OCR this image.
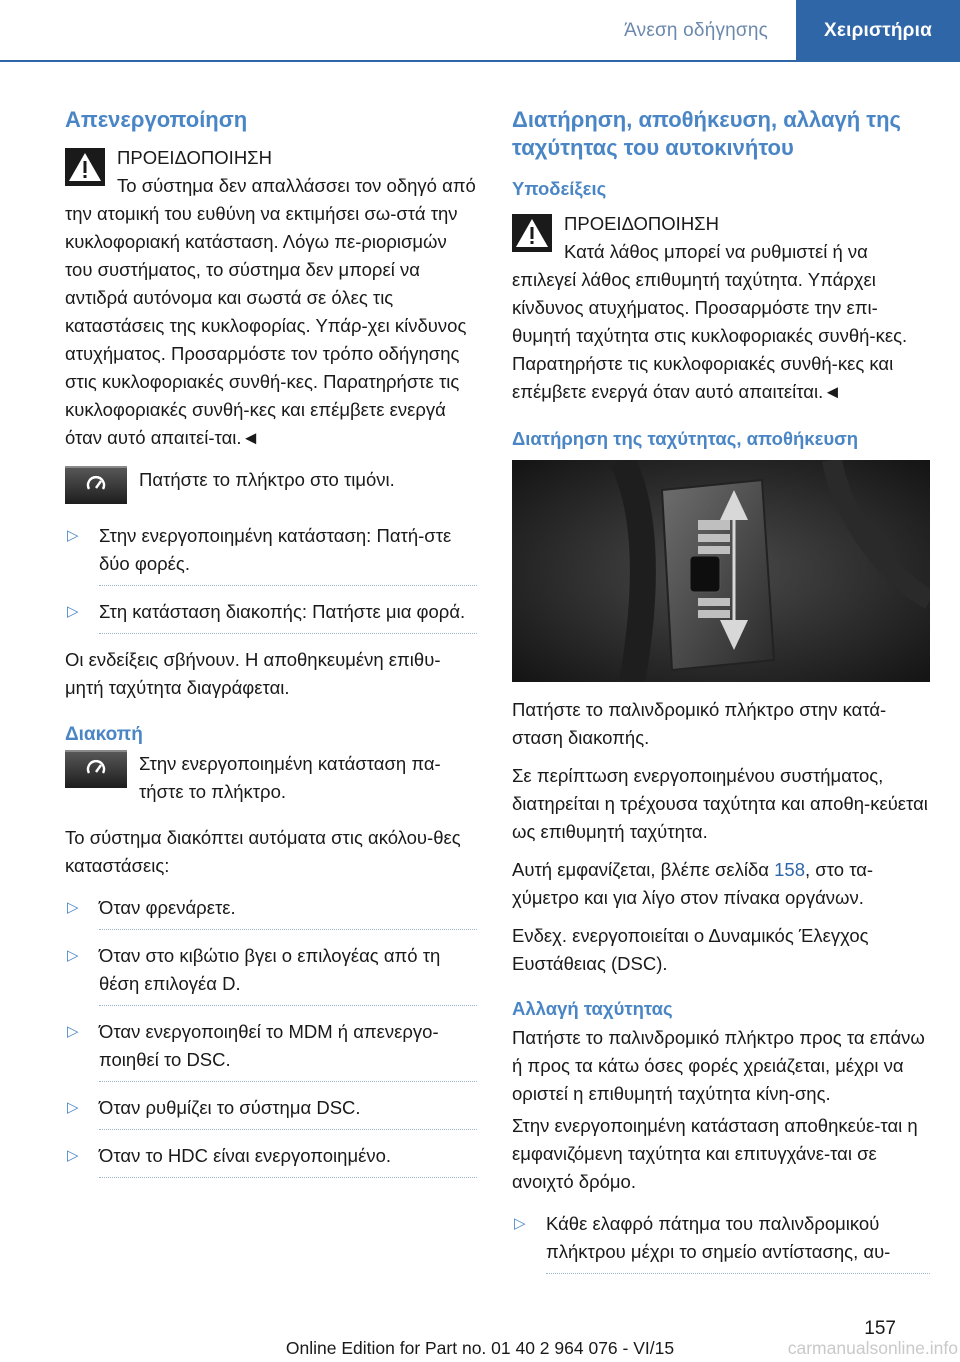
Άνεση οδήγησης	Χειριστήρια
Απενεργοποίηση
ΠΡΟΕΙΔΟΠΟΙΗΣΗ
Το σύστημα δεν απαλλάσσει τον οδηγό από την ατομική του ευθύνη να εκτιμήσει σω-στά την κυκλοφοριακή κατάσταση. Λόγω πε-ριορισμών του συστήματος, το σύστημα δεν μπορεί να αντιδρά αυτόνομα και σωστά σε όλες τις καταστάσεις της κυκλοφορίας. Υπάρ-χει κίνδυνος ατυχήματος. Προσαρμόστε τον τρόπο οδήγησης στις κυκλοφοριακές συνθή-κες. Παρατηρήστε τις κυκλοφοριακές συνθή-κες και επέμβετε ενεργά όταν αυτό απαιτεί-ται.◄
Πατήστε το πλήκτρο στο τιμόνι.
▷ Στην ενεργοποιημένη κατάσταση: Πατή-στε δύο φορές.
▷ Στη κατάσταση διακοπής: Πατήστε μια φορά.

Οι ενδείξεις σβήνουν. Η αποθηκευμένη επιθυ-μητή ταχύτητα διαγράφεται.

Διακοπή
Στην ενεργοποιημένη κατάσταση πα-τήστε το πλήκτρο.

Το σύστημα διακόπτει αυτόματα στις ακόλου-θες καταστάσεις:

▷ Όταν φρενάρετε.
▷ Όταν στο κιβώτιο βγει ο επιλογέας από τη θέση επιλογέα D.
▷ Όταν ενεργοποιηθεί το MDM ή απενεργο-ποιηθεί το DSC.
▷ Όταν ρυθμίζει το σύστημα DSC.
▷ Όταν το HDC είναι ενεργοποιημένο.
Διατήρηση, αποθήκευση, αλλαγή της ταχύτητας του αυτοκινήτου
Υποδείξεις
ΠΡΟΕΙΔΟΠΟΙΗΣΗ
Κατά λάθος μπορεί να ρυθμιστεί ή να επιλεγεί λάθος επιθυμητή ταχύτητα. Υπάρχει κίνδυνος ατυχήματος. Προσαρμόστε την επι-θυμητή ταχύτητα στις κυκλοφοριακές συνθή-κες. Παρατηρήστε τις κυκλοφοριακές συνθή-κες και επέμβετε ενεργά όταν αυτό απαιτείται.◄
Διατήρηση της ταχύτητας, αποθήκευση

Πατήστε το παλινδρομικό πλήκτρο στην κατά-σταση διακοπής.

Σε περίπτωση ενεργοποιημένου συστήματος, διατηρείται η τρέχουσα ταχύτητα και αποθη-κεύεται ως επιθυμητή ταχύτητα.

Αυτή εμφανίζεται, βλέπε σελίδα 158, στο τα-χύμετρο και για λίγο στον πίνακα οργάνων.

Ενδεχ. ενεργοποιείται ο Δυναμικός Έλεγχος Ευστάθειας (DSC).

Αλλαγή ταχύτητας

Πατήστε το παλινδρομικό πλήκτρο προς τα επάνω ή προς τα κάτω όσες φορές χρειάζεται, μέχρι να οριστεί η επιθυμητή ταχύτητα κίνη-σης.

Στην ενεργοποιημένη κατάσταση αποθηκεύε-ται η εμφανιζόμενη ταχύτητα και επιτυγχάνε-ται σε ανοιχτό δρόμο.

▷ Κάθε ελαφρό πάτημα του παλινδρομικού πλήκτρου μέχρι το σημείο αντίστασης, αυ-
157
Online Edition for Part no. 01 40 2 964 076 - VI/15	carmanualsonline.info
